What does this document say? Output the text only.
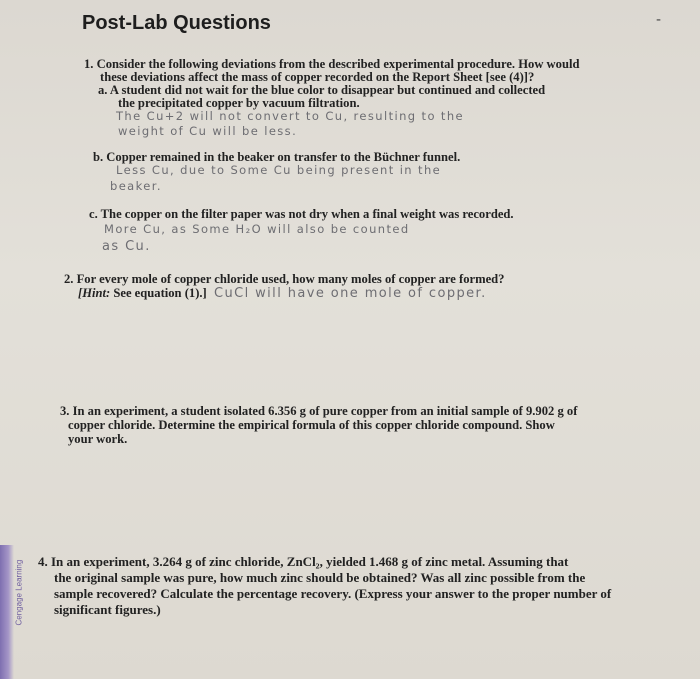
Cengage Learning
-
Post-Lab Questions
1. Consider the following deviations from the described experimental procedure. How would
these deviations affect the mass of copper recorded on the Report Sheet [see (4)]?
a. A student did not wait for the blue color to disappear but continued and collected
the precipitated copper by vacuum filtration.
The Cu+2 will not convert to Cu, resulting to the
weight of Cu will be less.
b. Copper remained in the beaker on transfer to the Büchner funnel.
Less Cu, due to Some Cu being present in the
beaker.
c. The copper on the filter paper was not dry when a final weight was recorded.
More Cu, as Some H₂O will also be counted
as Cu.
2. For every mole of copper chloride used, how many moles of copper are formed?
[Hint: See equation (1).] CuCl will have one mole of copper.
3. In an experiment, a student isolated 6.356 g of pure copper from an initial sample of 9.902 g of
copper chloride. Determine the empirical formula of this copper chloride compound. Show
your work.
4. In an experiment, 3.264 g of zinc chloride, ZnCl₂, yielded 1.468 g of zinc metal. Assuming that
the original sample was pure, how much zinc should be obtained? Was all zinc possible from the
sample recovered? Calculate the percentage recovery. (Express your answer to the proper number of
significant figures.)
